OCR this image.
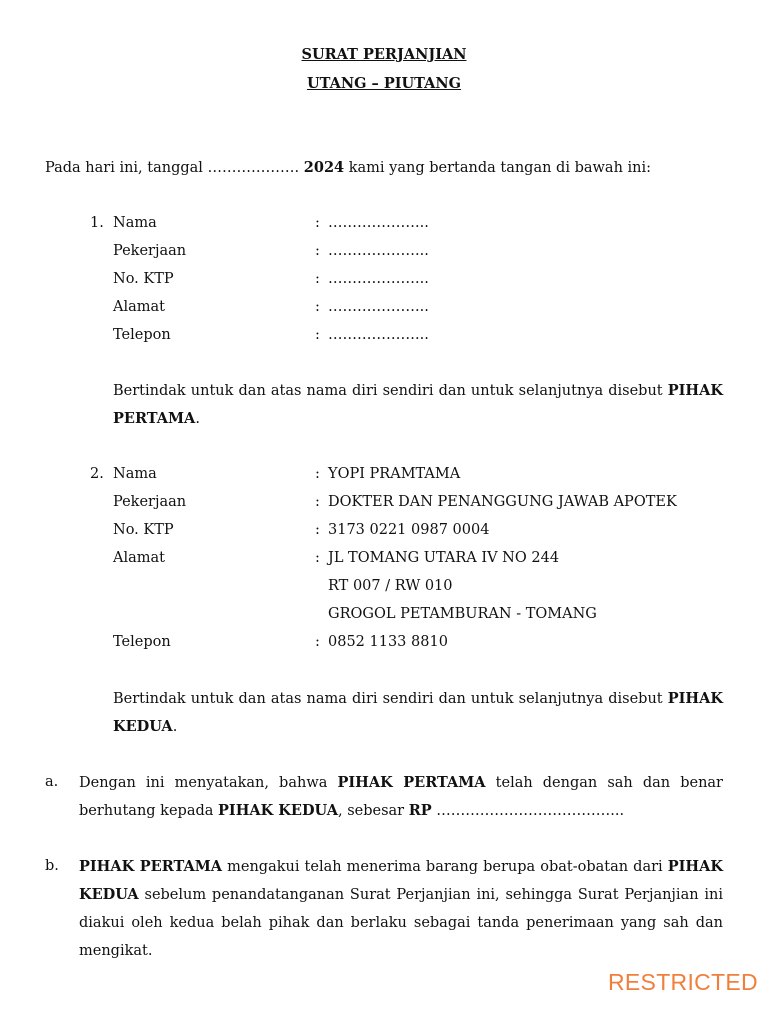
SURAT PERJANJIAN
UTANG – PIUTANG
Pada hari ini, tanggal ………………. 2024 kami yang bertanda tangan di bawah ini:
1. Nama	: ………………...
Pekerjaan	: ………………...
No. KTP	: ………………...
Alamat	: ………………...
Telepon	: ………………...
Bertindak untuk dan atas nama diri sendiri dan untuk selanjutnya disebut PIHAK PERTAMA.
2. Nama	: YOPI PRAMTAMA
Pekerjaan	: DOKTER DAN PENANGGUNG JAWAB APOTEK
No. KTP	: 3173 0221 0987 0004
Alamat	: JL TOMANG UTARA IV NO 244
RT 007 / RW 010
GROGOL PETAMBURAN - TOMANG
Telepon	: 0852 1133 8810
Bertindak untuk dan atas nama diri sendiri dan untuk selanjutnya disebut PIHAK KEDUA.
a. Dengan ini menyatakan, bahwa PIHAK PERTAMA telah dengan sah dan benar berhutang kepada PIHAK KEDUA, sebesar RP ………………………………...
b. PIHAK PERTAMA mengakui telah menerima barang berupa obat-obatan dari PIHAK KEDUA sebelum penandatanganan Surat Perjanjian ini, sehingga Surat Perjanjian ini diakui oleh kedua belah pihak dan berlaku sebagai tanda penerimaan yang sah dan mengikat.
RESTRICTED
